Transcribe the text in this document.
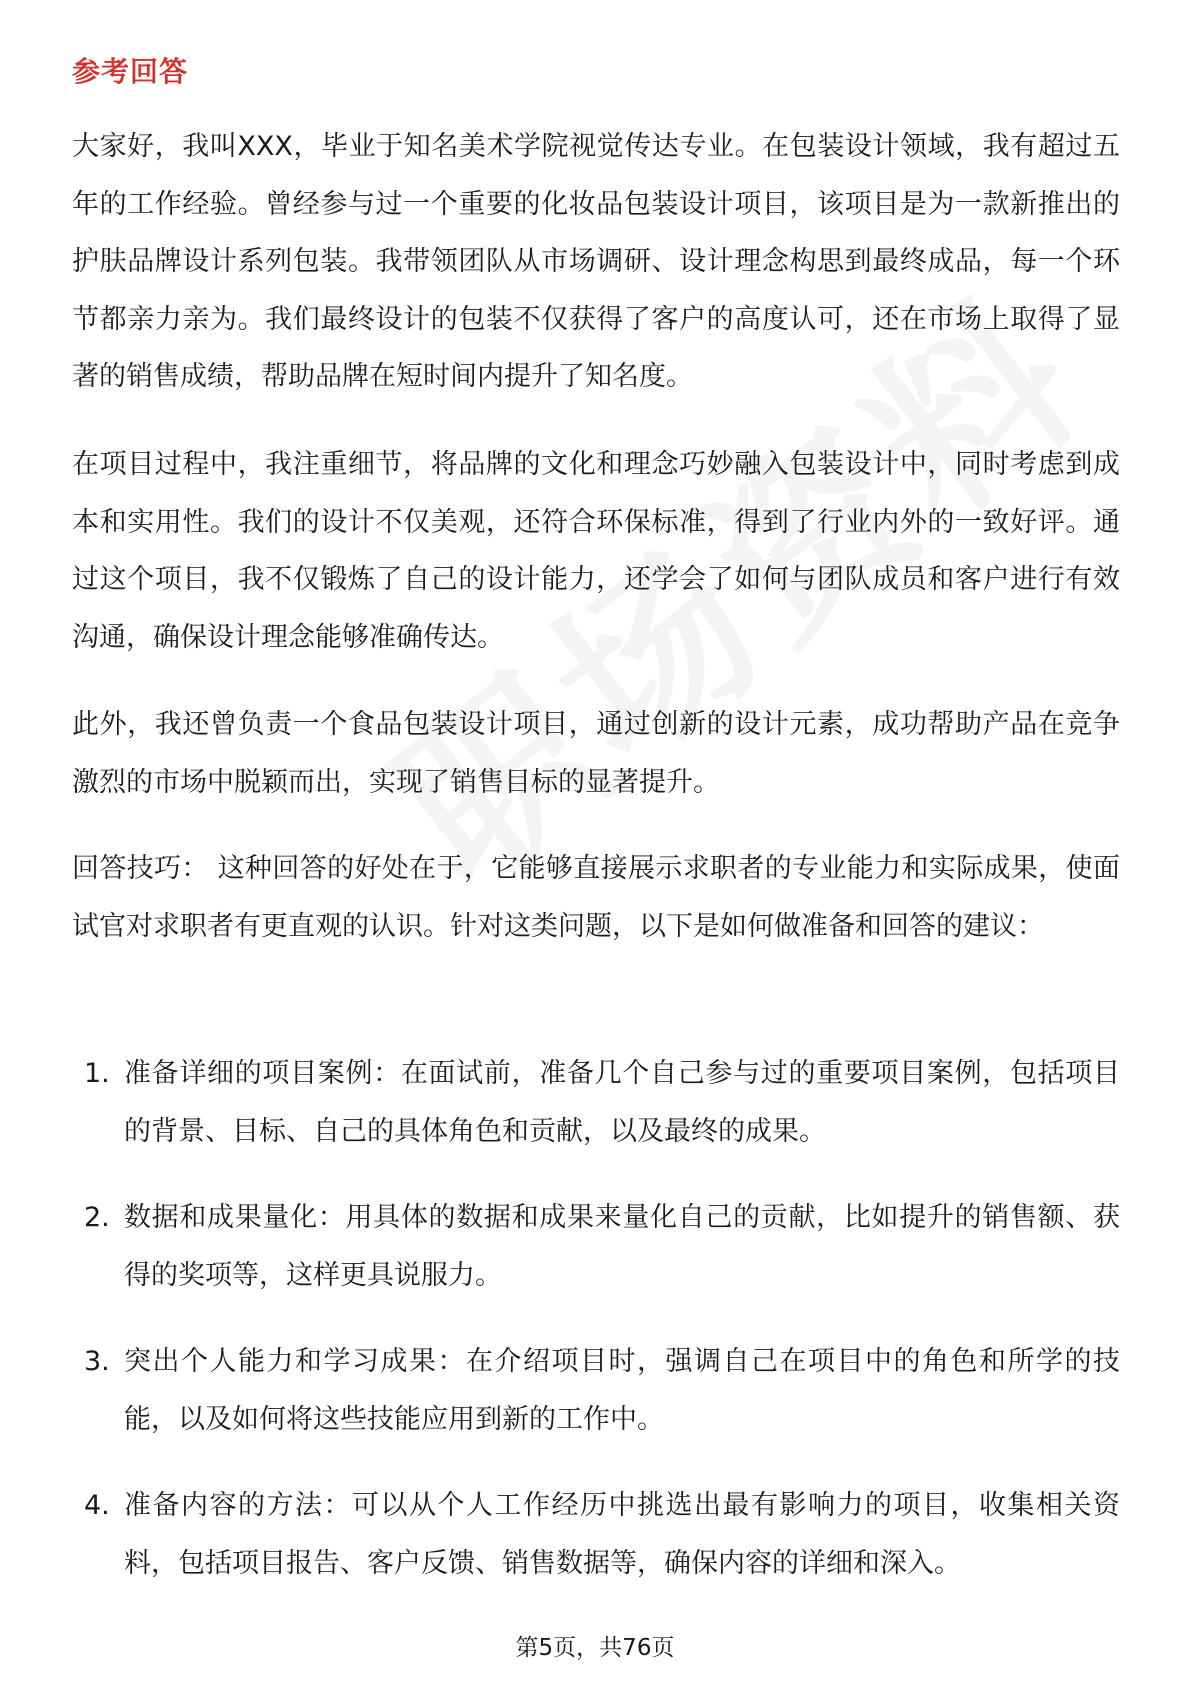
参考回答

大家好，我叫XXX，毕业于知名美术学院视觉传达专业。在包装设计领域，我有超过五年的工作经验。曾经参与过一个重要的化妆品包装设计项目，该项目是为一款新推出的护肤品牌设计系列包装。我带领团队从市场调研、设计理念构思到最终成品，每一个环节都亲力亲为。我们最终设计的包装不仅获得了客户的高度认可，还在市场上取得了显著的销售成绩，帮助品牌在短时间内提升了知名度。

在项目过程中，我注重细节，将品牌的文化和理念巧妙融入包装设计中，同时考虑到成本和实用性。我们的设计不仅美观，还符合环保标准，得到了行业内外的一致好评。通过这个项目，我不仅锻炼了自己的设计能力，还学会了如何与团队成员和客户进行有效沟通，确保设计理念能够准确传达。

此外，我还曾负责一个食品包装设计项目，通过创新的设计元素，成功帮助产品在竞争激烈的市场中脱颖而出，实现了销售目标的显著提升。

回答技巧： 这种回答的好处在于，它能够直接展示求职者的专业能力和实际成果，使面试官对求职者有更直观的认识。针对这类问题，以下是如何做准备和回答的建议：

1. 准备详细的项目案例：在面试前，准备几个自己参与过的重要项目案例，包括项目的背景、目标、自己的具体角色和贡献，以及最终的成果。
2. 数据和成果量化：用具体的数据和成果来量化自己的贡献，比如提升的销售额、获得的奖项等，这样更具说服力。
3. 突出个人能力和学习成果：在介绍项目时，强调自己在项目中的角色和所学的技能，以及如何将这些技能应用到新的工作中。
4. 准备内容的方法：可以从个人工作经历中挑选出最有影响力的项目，收集相关资料，包括项目报告、客户反馈、销售数据等，确保内容的详细和深入。
第5页，共76页
